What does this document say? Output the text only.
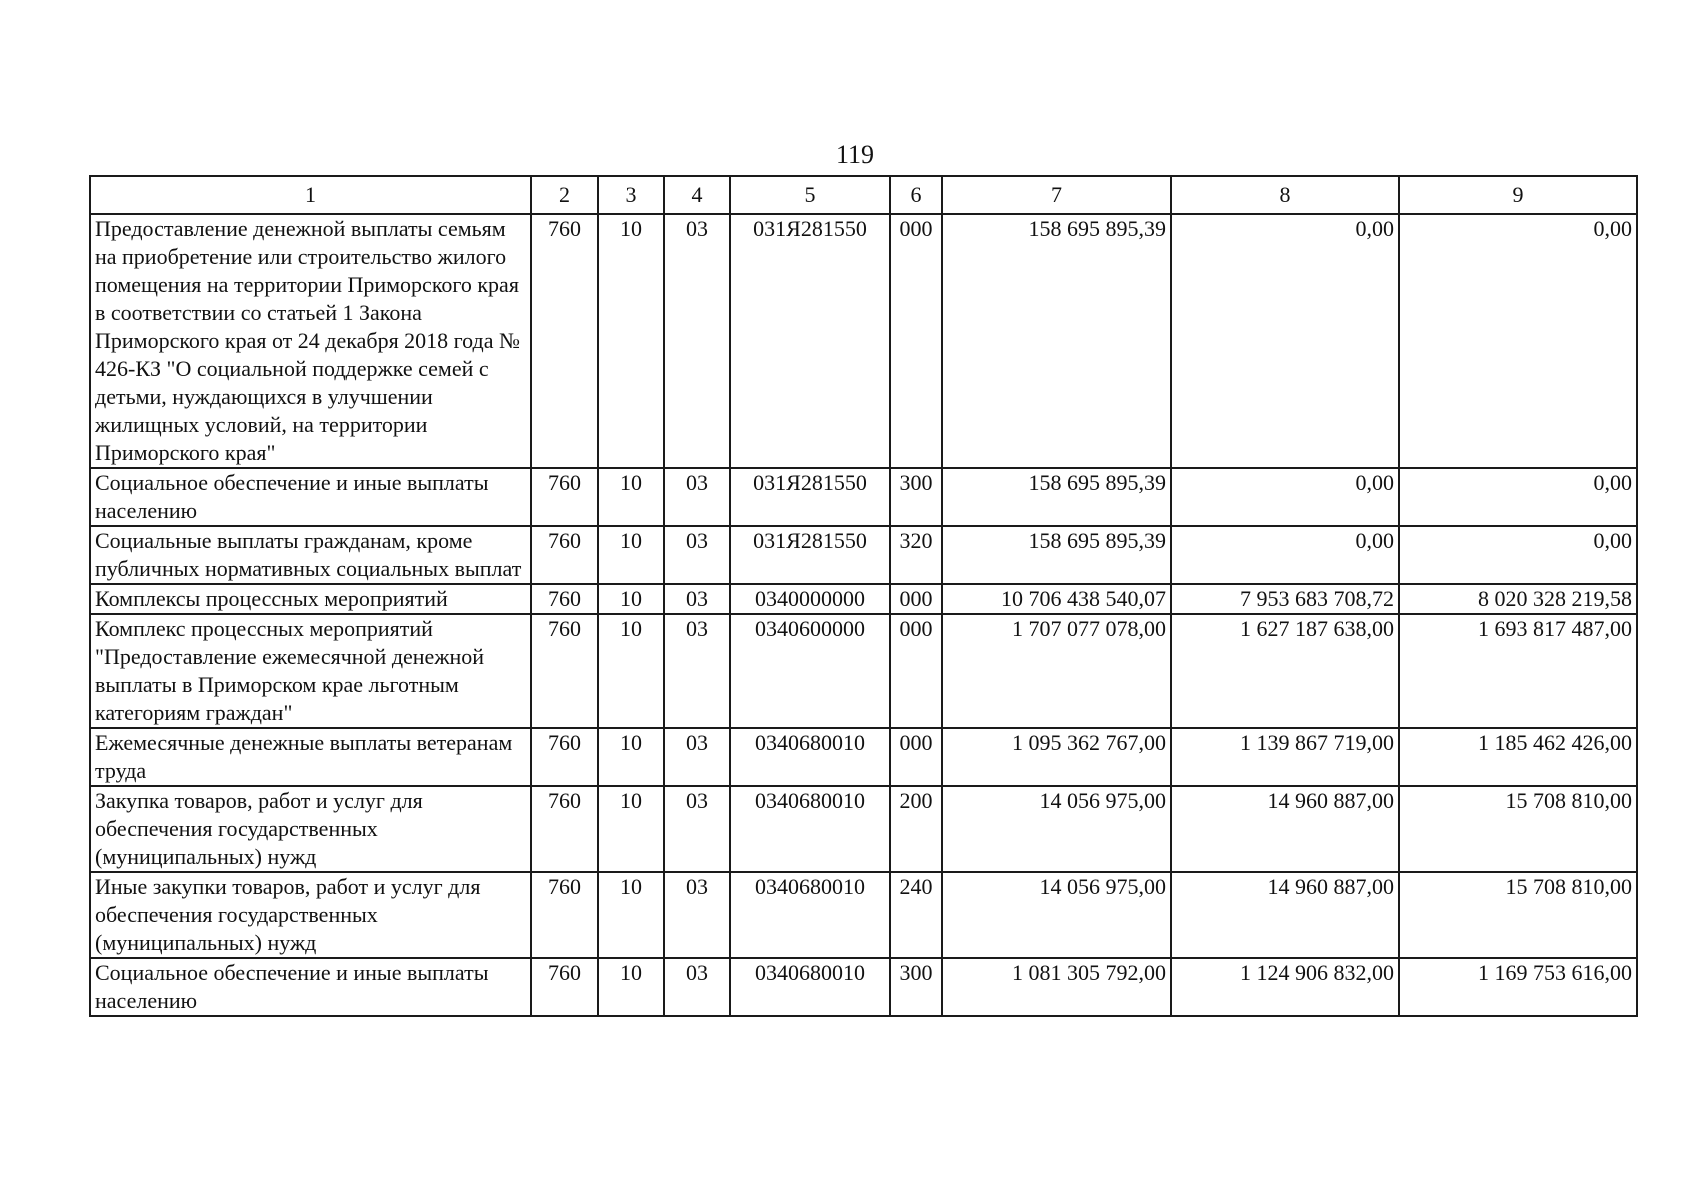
119
1	2	3	4	5	6	7	8	9
Предоставление денежной выплаты семьям на приобретение или строительство жилого помещения на территории Приморского края в соответствии со статьей 1 Закона Приморского края от 24 декабря 2018 года № 426-КЗ "О социальной поддержке семей с детьми, нуждающихся в улучшении жилищных условий, на территории Приморского края"	760	10	03	031Я281550	000	158 695 895,39	0,00	0,00
Социальное обеспечение и иные выплаты населению	760	10	03	031Я281550	300	158 695 895,39	0,00	0,00
Социальные выплаты гражданам, кроме публичных нормативных социальных выплат	760	10	03	031Я281550	320	158 695 895,39	0,00	0,00
Комплексы процессных мероприятий	760	10	03	0340000000	000	10 706 438 540,07	7 953 683 708,72	8 020 328 219,58
Комплекс процессных мероприятий "Предоставление ежемесячной денежной выплаты в Приморском крае льготным категориям граждан"	760	10	03	0340600000	000	1 707 077 078,00	1 627 187 638,00	1 693 817 487,00
Ежемесячные денежные выплаты ветеранам труда	760	10	03	0340680010	000	1 095 362 767,00	1 139 867 719,00	1 185 462 426,00
Закупка товаров, работ и услуг для обеспечения государственных (муниципальных) нужд	760	10	03	0340680010	200	14 056 975,00	14 960 887,00	15 708 810,00
Иные закупки товаров, работ и услуг для обеспечения государственных (муниципальных) нужд	760	10	03	0340680010	240	14 056 975,00	14 960 887,00	15 708 810,00
Социальное обеспечение и иные выплаты населению	760	10	03	0340680010	300	1 081 305 792,00	1 124 906 832,00	1 169 753 616,00
